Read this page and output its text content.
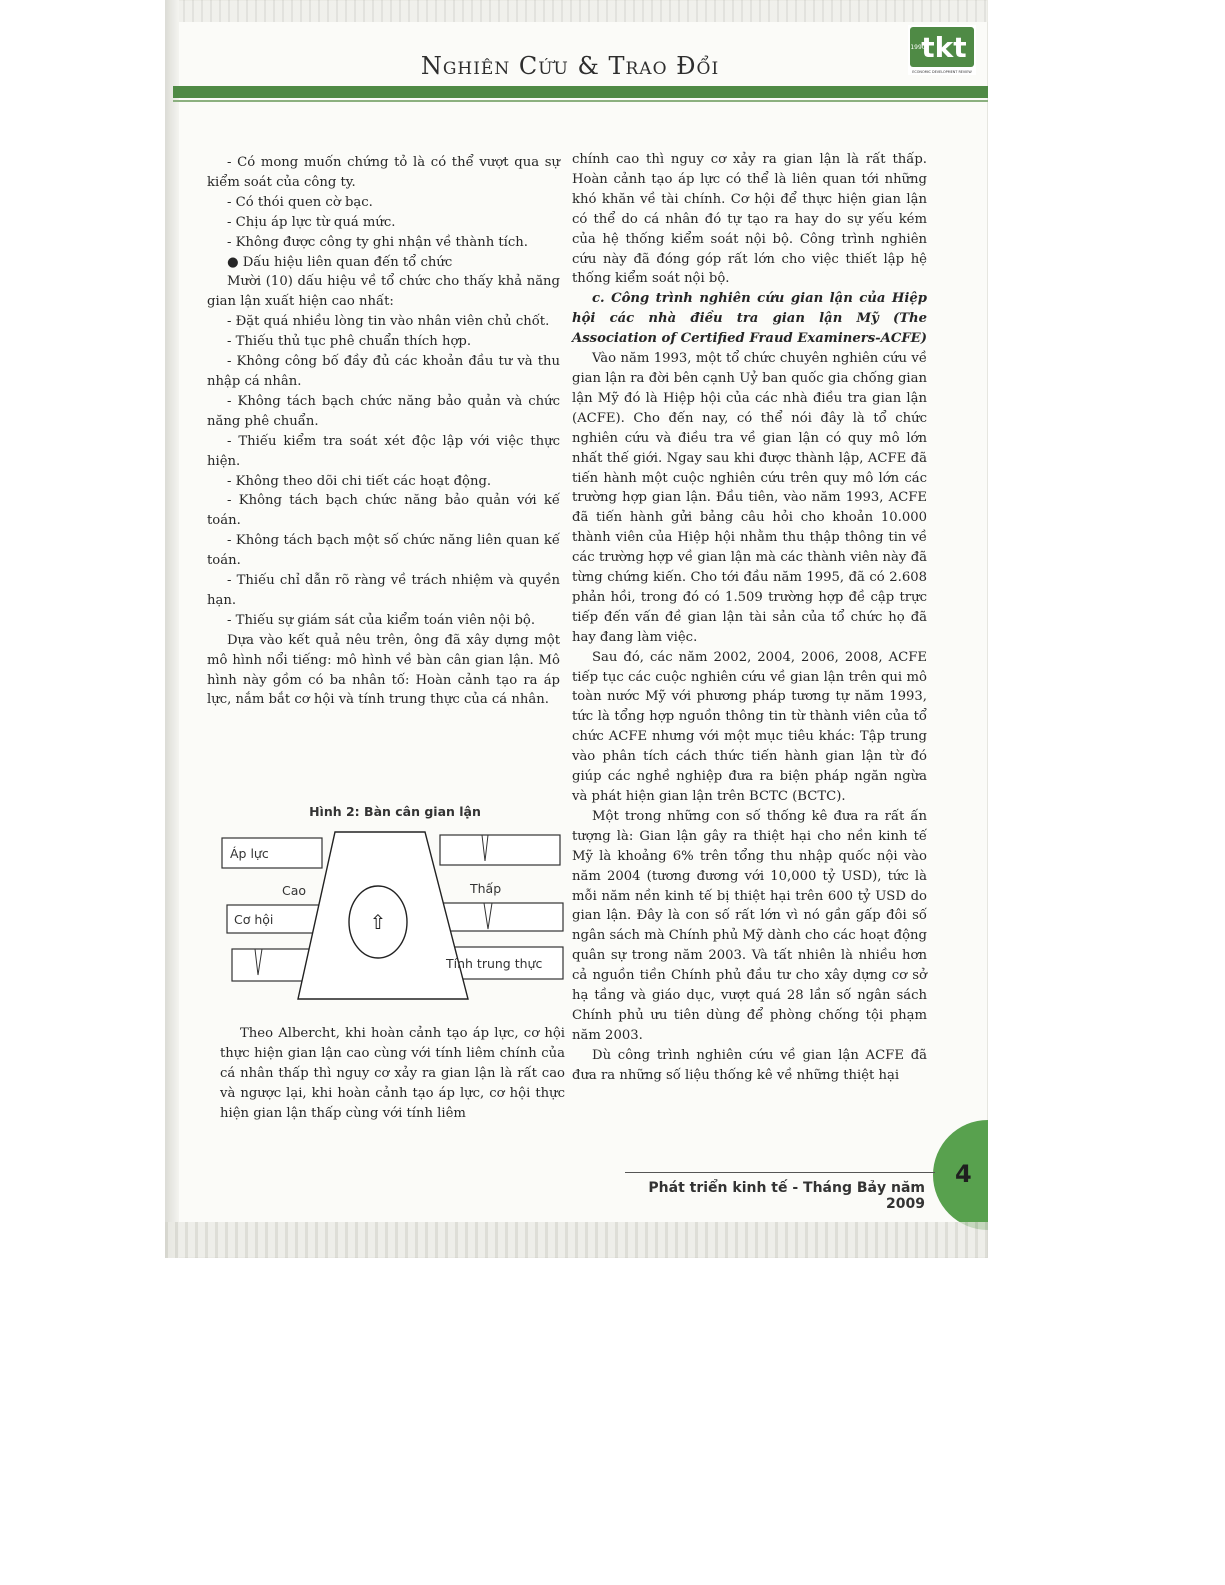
Nghiên Cứu & Trao Đổi
tkt
1990
ECONOMIC DEVELOPMENT REVIEW

- Có mong muốn chứng tỏ là có thể vượt qua sự kiểm soát của công ty.

- Có thói quen cờ bạc.

- Chịu áp lực từ quá mức.

- Không được công ty ghi nhận về thành tích.

● Dấu hiệu liên quan đến tổ chức

Mười (10) dấu hiệu về tổ chức cho thấy khả năng gian lận xuất hiện cao nhất:

- Đặt quá nhiều lòng tin vào nhân viên chủ chốt.

- Thiếu thủ tục phê chuẩn thích hợp.

- Không công bố đầy đủ các khoản đầu tư và thu nhập cá nhân.

- Không tách bạch chức năng bảo quản và chức năng phê chuẩn.

- Thiếu kiểm tra soát xét độc lập với việc thực hiện.

- Không theo dõi chi tiết các hoạt động.

- Không tách bạch chức năng bảo quản với kế toán.

- Không tách bạch một số chức năng liên quan kế toán.

- Thiếu chỉ dẫn rõ ràng về trách nhiệm và quyền hạn.

- Thiếu sự giám sát của kiểm toán viên nội bộ.

Dựa vào kết quả nêu trên, ông đã xây dựng một mô hình nổi tiếng: mô hình về bàn cân gian lận. Mô hình này gồm có ba nhân tố: Hoàn cảnh tạo ra áp lực, nắm bắt cơ hội và tính trung thực của cá nhân.

Hình 2: Bàn cân gian lận
⇧
Áp lực
Cao	Thấp
Cơ hội
Tính trung thực

Theo Albercht, khi hoàn cảnh tạo áp lực, cơ hội thực hiện gian lận cao cùng với tính liêm chính của cá nhân thấp thì nguy cơ xảy ra gian lận là rất cao và ngược lại, khi hoàn cảnh tạo áp lực, cơ hội thực hiện gian lận thấp cùng với tính liêm

chính cao thì nguy cơ xảy ra gian lận là rất thấp. Hoàn cảnh tạo áp lực có thể là liên quan tới những khó khăn về tài chính. Cơ hội để thực hiện gian lận có thể do cá nhân đó tự tạo ra hay do sự yếu kém của hệ thống kiểm soát nội bộ. Công trình nghiên cứu này đã đóng góp rất lớn cho việc thiết lập hệ thống kiểm soát nội bộ.

c. Công trình nghiên cứu gian lận của Hiệp hội các nhà điều tra gian lận Mỹ (The Association of Certified Fraud Examiners-ACFE)

Vào năm 1993, một tổ chức chuyên nghiên cứu về gian lận ra đời bên cạnh Uỷ ban quốc gia chống gian lận Mỹ đó là Hiệp hội của các nhà điều tra gian lận (ACFE). Cho đến nay, có thể nói đây là tổ chức nghiên cứu và điều tra về gian lận có quy mô lớn nhất thế giới. Ngay sau khi được thành lập, ACFE đã tiến hành một cuộc nghiên cứu trên quy mô lớn các trường hợp gian lận. Đầu tiên, vào năm 1993, ACFE đã tiến hành gửi bảng câu hỏi cho khoản 10.000 thành viên của Hiệp hội nhằm thu thập thông tin về các trường hợp về gian lận mà các thành viên này đã từng chứng kiến. Cho tới đầu năm 1995, đã có 2.608 phản hồi, trong đó có 1.509 trường hợp đề cập trực tiếp đến vấn đề gian lận tài sản của tổ chức họ đã hay đang làm việc.

Sau đó, các năm 2002, 2004, 2006, 2008, ACFE tiếp tục các cuộc nghiên cứu về gian lận trên qui mô toàn nước Mỹ với phương pháp tương tự năm 1993, tức là tổng hợp nguồn thông tin từ thành viên của tổ chức ACFE nhưng với một mục tiêu khác: Tập trung vào phân tích cách thức tiến hành gian lận từ đó giúp các nghề nghiệp đưa ra biện pháp ngăn ngừa và phát hiện gian lận trên BCTC (BCTC).

Một trong những con số thống kê đưa ra rất ấn tượng là: Gian lận gây ra thiệt hại cho nền kinh tế Mỹ là khoảng 6% trên tổng thu nhập quốc nội vào năm 2004 (tương đương với 10,000 tỷ USD), tức là mỗi năm nền kinh tế bị thiệt hại trên 600 tỷ USD do gian lận. Đây là con số rất lớn vì nó gần gấp đôi số ngân sách mà Chính phủ Mỹ dành cho các hoạt động quân sự trong năm 2003. Và tất nhiên là nhiều hơn cả nguồn tiền Chính phủ đầu tư cho xây dựng cơ sở hạ tầng và giáo dục, vượt quá 28 lần số ngân sách Chính phủ ưu tiên dùng để phòng chống tội phạm năm 2003.

Dù công trình nghiên cứu về gian lận ACFE đã đưa ra những số liệu thống kê về những thiệt hại

4
Phát triển kinh tế - Tháng Bảy năm 2009
